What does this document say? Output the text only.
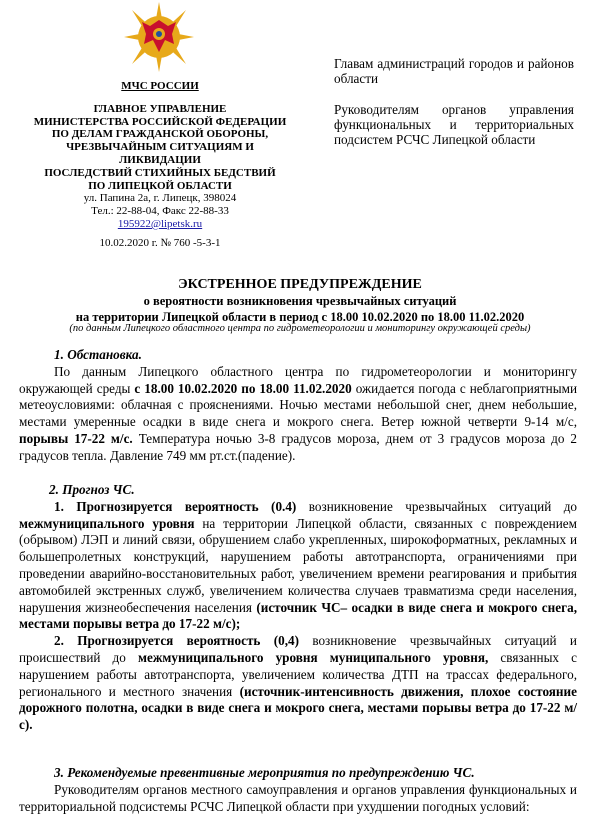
МЧС РОССИИ
ГЛАВНОЕ УПРАВЛЕНИЕ
МИНИСТЕРСТВА РОССИЙСКОЙ ФЕДЕРАЦИИ
ПО ДЕЛАМ ГРАЖДАНСКОЙ ОБОРОНЫ,
ЧРЕЗВЫЧАЙНЫМ СИТУАЦИЯМ И ЛИКВИДАЦИИ
ПОСЛЕДСТВИЙ СТИХИЙНЫХ БЕДСТВИЙ
ПО ЛИПЕЦКОЙ ОБЛАСТИ
ул. Папина 2а, г. Липецк, 398024
Тел.: 22-88-04, Факс 22-88-33
195922@lipetsk.ru
10.02.2020 г. № 760 -5-3-1
Главам администраций городов и районов области
Руководителям органов управления функциональных и территориальных подсистем РСЧС Липецкой области
ЭКСТРЕННОЕ ПРЕДУПРЕЖДЕНИЕ
о вероятности возникновения чрезвычайных ситуаций
на территории Липецкой области в период с 18.00 10.02.2020 по 18.00 11.02.2020
(по данным Липецкого областного центра по гидрометеорологии и мониторингу окружающей среды)

1. Обстановка.

По данным Липецкого областного центра по гидрометеорологии и мониторингу окружающей среды с 18.00 10.02.2020 по 18.00 11.02.2020 ожидается погода с неблагоприятными метеоусловиями: облачная с прояснениями. Ночью местами небольшой снег, днем небольшие, местами умеренные осадки в виде снега и мокрого снега. Ветер южной четверти 9-14 м/с, порывы 17-22 м/с. Температура ночью 3-8 градусов мороза, днем от 3 градусов мороза до 2 градусов тепла. Давление 749 мм рт.ст.(падение).

2. Прогноз ЧС.

1. Прогнозируется вероятность (0.4) возникновение чрезвычайных ситуаций до межмуниципального уровня на территории Липецкой области, связанных с повреждением (обрывом) ЛЭП и линий связи, обрушением слабо укрепленных, широкоформатных, рекламных и большепролетных конструкций, нарушением работы автотранспорта, ограничениями при проведении аварийно-восстановительных работ, увеличением времени реагирования и прибытия автомобилей экстренных служб, увеличением количества случаев травматизма среди населения, нарушения жизнеобеспечения населения (источник ЧС– осадки в виде снега и мокрого снега, местами порывы ветра до 17-22 м/с);

2. Прогнозируется вероятность (0,4) возникновение чрезвычайных ситуаций и происшествий до межмуниципального уровня муниципального уровня, связанных с нарушением работы автотранспорта, увеличением количества ДТП на трассах федерального, регионального и местного значения (источник-интенсивность движения, плохое состояние дорожного полотна, осадки в виде снега и мокрого снега, местами порывы ветра до 17-22 м/с).

3. Рекомендуемые превентивные мероприятия по предупреждению ЧС.

Руководителям органов местного самоуправления и органов управления функциональных и территориальной подсистемы РСЧС Липецкой области при ухудшении погодных условий:
